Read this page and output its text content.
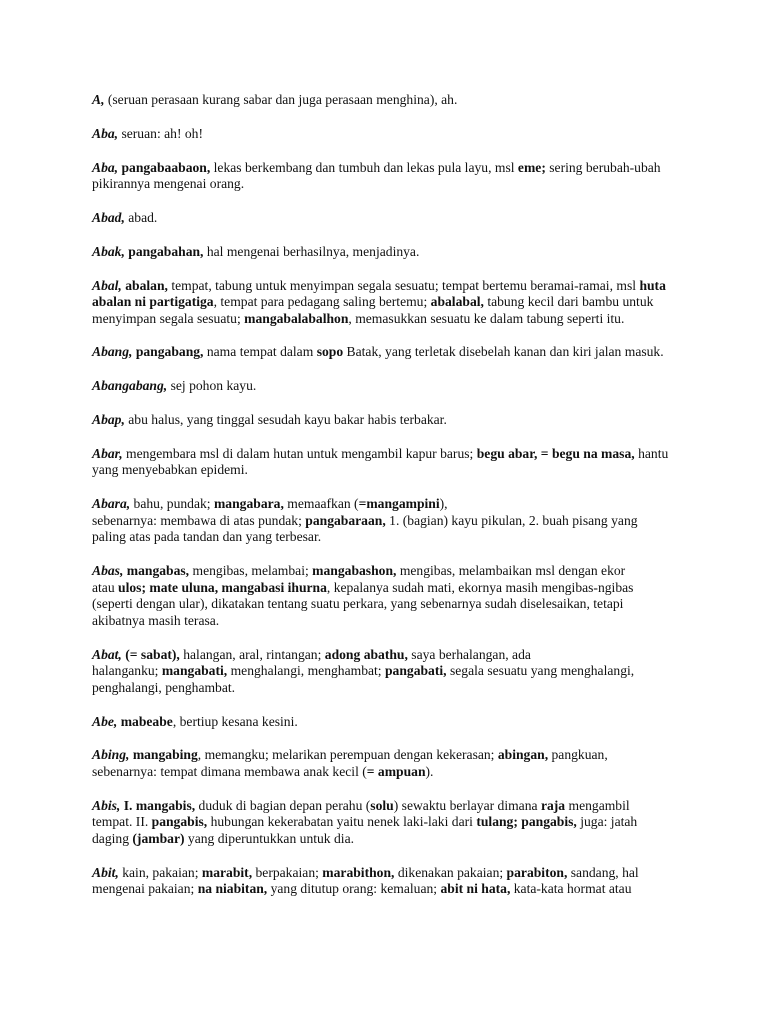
A, (seruan perasaan kurang sabar dan juga perasaan menghina), ah.

Aba, seruan: ah! oh!

Aba, pangabaabaon, lekas berkembang dan tumbuh dan lekas pula layu, msl eme; sering berubah-ubah
pikirannya mengenai orang.

Abad, abad.

Abak, pangabahan, hal mengenai berhasilnya, menjadinya.

Abal, abalan, tempat, tabung untuk menyimpan segala sesuatu; tempat bertemu beramai-ramai, msl huta
abalan ni partigatiga, tempat para pedagang saling bertemu; abalabal, tabung kecil dari bambu untuk
menyimpan segala sesuatu; mangabalabalhon, memasukkan sesuatu ke dalam tabung seperti itu.

Abang, pangabang, nama tempat dalam sopo Batak, yang terletak disebelah kanan dan kiri jalan masuk.

Abangabang, sej pohon kayu.

Abap, abu halus, yang tinggal sesudah kayu bakar habis terbakar.

Abar, mengembara msl di dalam hutan untuk mengambil kapur barus; begu abar, = begu na masa, hantu
yang menyebabkan epidemi.

Abara, bahu, pundak; mangabara, memaafkan (=mangampini),
sebenarnya: membawa di atas pundak; pangabaraan, 1. (bagian) kayu pikulan, 2. buah pisang yang
paling atas pada tandan dan yang terbesar.

Abas, mangabas, mengibas, melambai; mangabashon, mengibas, melambaikan msl dengan ekor
atau ulos; mate uluna, mangabasi ihurna, kepalanya sudah mati, ekornya masih mengibas-ngibas
(seperti dengan ular), dikatakan tentang suatu perkara, yang sebenarnya sudah diselesaikan, tetapi
akibatnya masih terasa.

Abat, (= sabat), halangan, aral, rintangan; adong abathu, saya berhalangan, ada
halanganku; mangabati, menghalangi, menghambat; pangabati, segala sesuatu yang menghalangi,
penghalangi, penghambat.

Abe, mabeabe, bertiup kesana kesini.

Abing, mangabing, memangku; melarikan perempuan dengan kekerasan; abingan, pangkuan,
sebenarnya: tempat dimana membawa anak kecil (= ampuan).

Abis, I. mangabis, duduk di bagian depan perahu (solu) sewaktu berlayar dimana raja mengambil
tempat. II. pangabis, hubungan kekerabatan yaitu nenek laki-laki dari tulang; pangabis, juga: jatah
daging (jambar) yang diperuntukkan untuk dia.

Abit, kain, pakaian; marabit, berpakaian; marabithon, dikenakan pakaian; parabiton, sandang, hal
mengenai pakaian; na niabitan, yang ditutup orang: kemaluan; abit ni hata, kata-kata hormat atau
